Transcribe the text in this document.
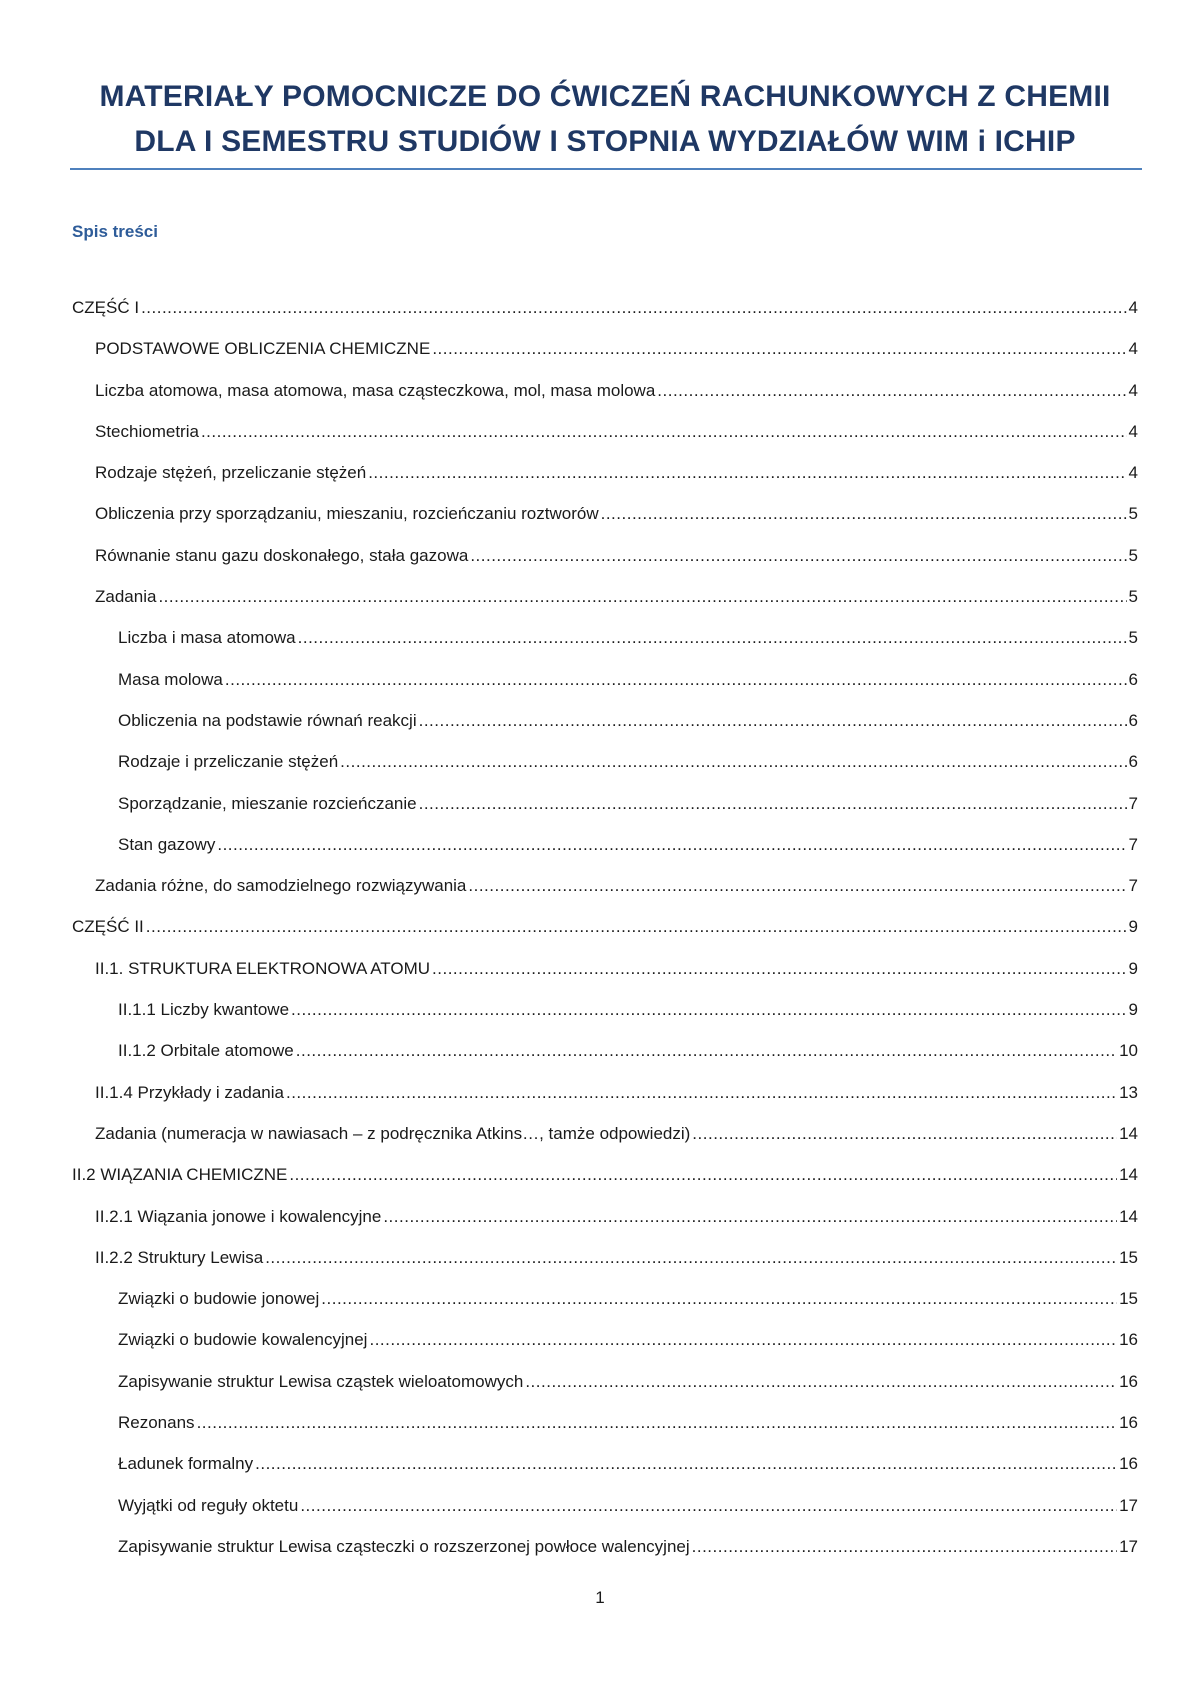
MATERIAŁY POMOCNICZE DO ĆWICZEŃ RACHUNKOWYCH Z CHEMII
DLA I SEMESTRU STUDIÓW I STOPNIA WYDZIAŁÓW WIM i ICHIP
Spis treści
CZĘŚĆ I .....	4
PODSTAWOWE OBLICZENIA CHEMICZNE .....	4
Liczba atomowa, masa atomowa, masa cząsteczkowa, mol, masa molowa .....	4
Stechiometria .....	4
Rodzaje stężeń, przeliczanie stężeń .....	4
Obliczenia przy sporządzaniu, mieszaniu, rozcieńczaniu roztworów .....	5
Równanie stanu gazu doskonałego, stała gazowa .....	5
Zadania .....	5
Liczba i masa atomowa .....	5
Masa molowa .....	6
Obliczenia na podstawie równań reakcji .....	6
Rodzaje i przeliczanie stężeń .....	6
Sporządzanie, mieszanie rozcieńczanie .....	7
Stan gazowy .....	7
Zadania różne, do samodzielnego rozwiązywania .....	7
CZĘŚĆ II .....	9
II.1. STRUKTURA ELEKTRONOWA ATOMU .....	9
II.1.1 Liczby kwantowe .....	9
II.1.2 Orbitale atomowe .....	10
II.1.4 Przykłady i zadania .....	13
Zadania (numeracja w nawiasach – z podręcznika Atkins…, tamże odpowiedzi) .....	14
II.2 WIĄZANIA CHEMICZNE .....	14
II.2.1 Wiązania jonowe i kowalencyjne .....	14
II.2.2 Struktury Lewisa .....	15
Związki o budowie jonowej .....	15
Związki o budowie kowalencyjnej .....	16
Zapisywanie struktur Lewisa cząstek wieloatomowych .....	16
Rezonans .....	16
Ładunek formalny .....	16
Wyjątki od reguły oktetu .....	17
Zapisywanie struktur Lewisa cząsteczki o rozszerzonej powłoce walencyjnej .....	17
1
